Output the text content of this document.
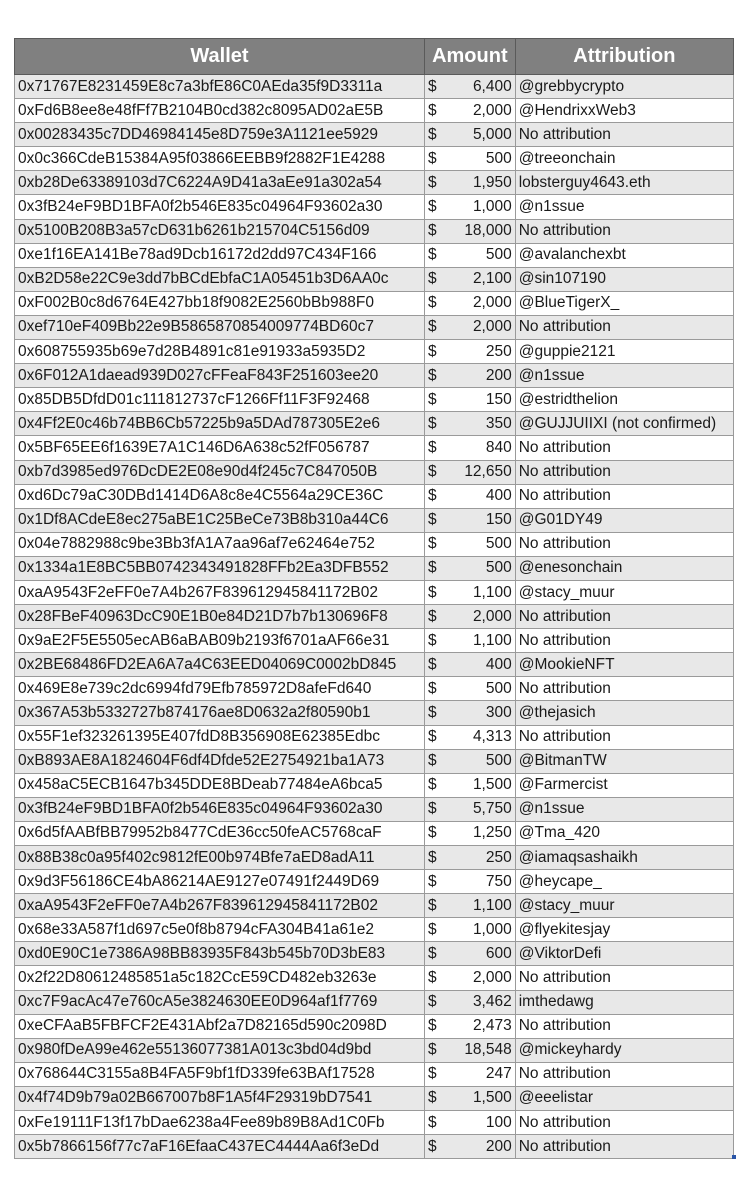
Wallet	Amount	Attribution
0x71767E8231459E8c7a3bfE86C0AEda35f9D3311a	$ 6,400	@grebbycrypto
0xFd6B8ee8e48fFf7B2104B0cd382c8095AD02aE5B	$ 2,000	@HendrixxWeb3
0x00283435c7DD46984145e8D759e3A1121ee5929	$ 5,000	No attribution
0x0c366CdeB15384A95f03866EEBB9f2882F1E4288	$ 500	@treeonchain
0xb28De63389103d7C6224A9D41a3aEe91a302a54	$ 1,950	lobsterguy4643.eth
0x3fB24eF9BD1BFA0f2b546E835c04964F93602a30	$ 1,000	@n1ssue
0x5100B208B3a57cD631b6261b215704C5156d09	$ 18,000	No attribution
0xe1f16EA141Be78ad9Dcb16172d2dd97C434F166	$ 500	@avalanchexbt
0xB2D58e22C9e3dd7bBCdEbfaC1A05451b3D6AA0c	$ 2,100	@sin107190
0xF002B0c8d6764E427bb18f9082E2560bBb988F0	$ 2,000	@BlueTigerX_
0xef710eF409Bb22e9B5865870854009774BD60c7	$ 2,000	No attribution
0x608755935b69e7d28B4891c81e91933a5935D2	$ 250	@guppie2121
0x6F012A1daead939D027cFFeaF843F251603ee20	$ 200	@n1ssue
0x85DB5DfdD01c111812737cF1266Ff11F3F92468	$ 150	@estridthelion
0x4Ff2E0c46b74BB6Cb57225b9a5DAd787305E2e6	$ 350	@GUJJUIIXI (not confirmed)
0x5BF65EE6f1639E7A1C146D6A638c52fF056787	$ 840	No attribution
0xb7d3985ed976DcDE2E08e90d4f245c7C847050B	$ 12,650	No attribution
0xd6Dc79aC30DBd1414D6A8c8e4C5564a29CE36C	$ 400	No attribution
0x1Df8ACdeE8ec275aBE1C25BeCe73B8b310a44C6	$ 150	@G01DY49
0x04e7882988c9be3Bb3fA1A7aa96af7e62464e752	$ 500	No attribution
0x1334a1E8BC5BB0742343491828FFb2Ea3DFB552	$ 500	@enesonchain
0xaA9543F2eFF0e7A4b267F839612945841172B02	$ 1,100	@stacy_muur
0x28FBeF40963DcC90E1B0e84D21D7b7b130696F8	$ 2,000	No attribution
0x9aE2F5E5505ecAB6aBAB09b2193f6701aAF66e31	$ 1,100	No attribution
0x2BE68486FD2EA6A7a4C63EED04069C0002bD845	$ 400	@MookieNFT
0x469E8e739c2dc6994fd79Efb785972D8afeFd640	$ 500	No attribution
0x367A53b5332727b874176ae8D0632a2f80590b1	$ 300	@thejasich
0x55F1ef323261395E407fdD8B356908E62385Edbc	$ 4,313	No attribution
0xB893AE8A1824604F6df4Dfde52E2754921ba1A73	$ 500	@BitmanTW
0x458aC5ECB1647b345DDE8BDeab77484eA6bca5	$ 1,500	@Farmercist
0x3fB24eF9BD1BFA0f2b546E835c04964F93602a30	$ 5,750	@n1ssue
0x6d5fAABfBB79952b8477CdE36cc50feAC5768caF	$ 1,250	@Tma_420
0x88B38c0a95f402c9812fE00b974Bfe7aED8adA11	$ 250	@iamaqsashaikh
0x9d3F56186CE4bA86214AE9127e07491f2449D69	$ 750	@heycape_
0xaA9543F2eFF0e7A4b267F839612945841172B02	$ 1,100	@stacy_muur
0x68e33A587f1d697c5e0f8b8794cFA304B41a61e2	$ 1,000	@flyekitesjay
0xd0E90C1e7386A98BB83935F843b545b70D3bE83	$ 600	@ViktorDefi
0x2f22D80612485851a5c182CcE59CD482eb3263e	$ 2,000	No attribution
0xc7F9acAc47e760cA5e3824630EE0D964af1f7769	$ 3,462	imthedawg
0xeCFAaB5FBFCF2E431Abf2a7D82165d590c2098D	$ 2,473	No attribution
0x980fDeA99e462e55136077381A013c3bd04d9bd	$ 18,548	@mickeyhardy
0x768644C3155a8B4FA5F9bf1fD339fe63BAf17528	$ 247	No attribution
0x4f74D9b79a02B667007b8F1A5f4F29319bD7541	$ 1,500	@eeelistar
0xFe19111F13f17bDae6238a4Fee89b89B8Ad1C0Fb	$ 100	No attribution
0x5b7866156f77c7aF16EfaaC437EC4444Aa6f3eDd	$ 200	No attribution
